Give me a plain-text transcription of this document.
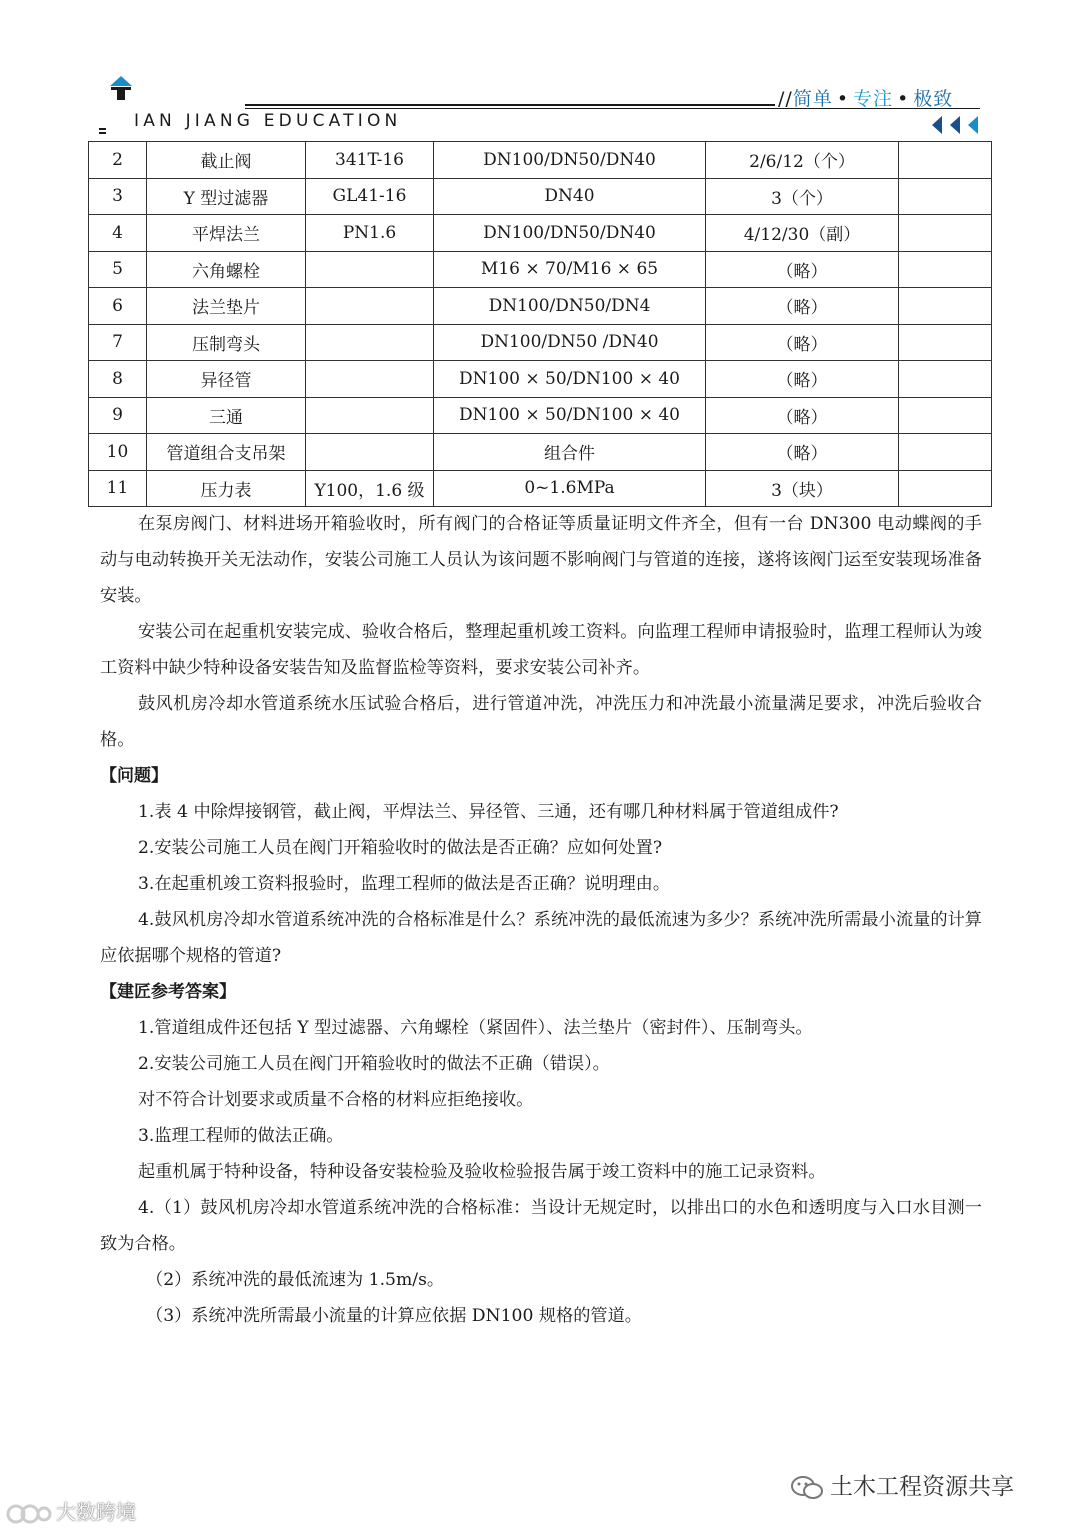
IAN JIANG EDUCATION
//简单 • 专注 • 极致
2	截止阀	341T-16	DN100/DN50/DN40	2/6/12（个）	
3	Y 型过滤器	GL41-16	DN40	3（个）	
4	平焊法兰	PN1.6	DN100/DN50/DN40	4/12/30（副）	
5	六角螺栓		M16 × 70/M16 × 65	（略）	
6	法兰垫片		DN100/DN50/DN4	（略）	
7	压制弯头		DN100/DN50 /DN40	（略）	
8	异径管		DN100 × 50/DN100 × 40	（略）	
9	三通		DN100 × 50/DN100 × 40	（略）	
10	管道组合支吊架		组合件	（略）	
11	压力表	Y100，1.6 级	0~1.6MPa	3（块）	

在泵房阀门、材料进场开箱验收时，所有阀门的合格证等质量证明文件齐全，但有一台 DN300 电动蝶阀的手动与电动转换开关无法动作，安装公司施工人员认为该问题不影响阀门与管道的连接，遂将该阀门运至安装现场准备安装。

安装公司在起重机安装完成、验收合格后，整理起重机竣工资料。向监理工程师申请报验时，监理工程师认为竣工资料中缺少特种设备安装告知及监督监检等资料，要求安装公司补齐。

鼓风机房冷却水管道系统水压试验合格后，进行管道冲洗，冲洗压力和冲洗最小流量满足要求，冲洗后验收合格。

【问题】

1.表 4 中除焊接钢管，截止阀，平焊法兰、异径管、三通，还有哪几种材料属于管道组成件?

2.安装公司施工人员在阀门开箱验收时的做法是否正确？应如何处置?

3.在起重机竣工资料报验时，监理工程师的做法是否正确？说明理由。

4.鼓风机房冷却水管道系统冲洗的合格标准是什么？系统冲洗的最低流速为多少？系统冲洗所需最小流量的计算应依据哪个规格的管道?

【建匠参考答案】

1.管道组成件还包括 Y 型过滤器、六角螺栓（紧固件）、法兰垫片（密封件）、压制弯头。

2.安装公司施工人员在阀门开箱验收时的做法不正确（错误）。

对不符合计划要求或质量不合格的材料应拒绝接收。

3.监理工程师的做法正确。

起重机属于特种设备，特种设备安装检验及验收检验报告属于竣工资料中的施工记录资料。

4.（1）鼓风机房冷却水管道系统冲洗的合格标准：当设计无规定时，以排出口的水色和透明度与入口水目测一致为合格。

（2）系统冲洗的最低流速为 1.5m/s。

（3）系统冲洗所需最小流量的计算应依据 DN100 规格的管道。

土木工程资源共享
大数跨境
